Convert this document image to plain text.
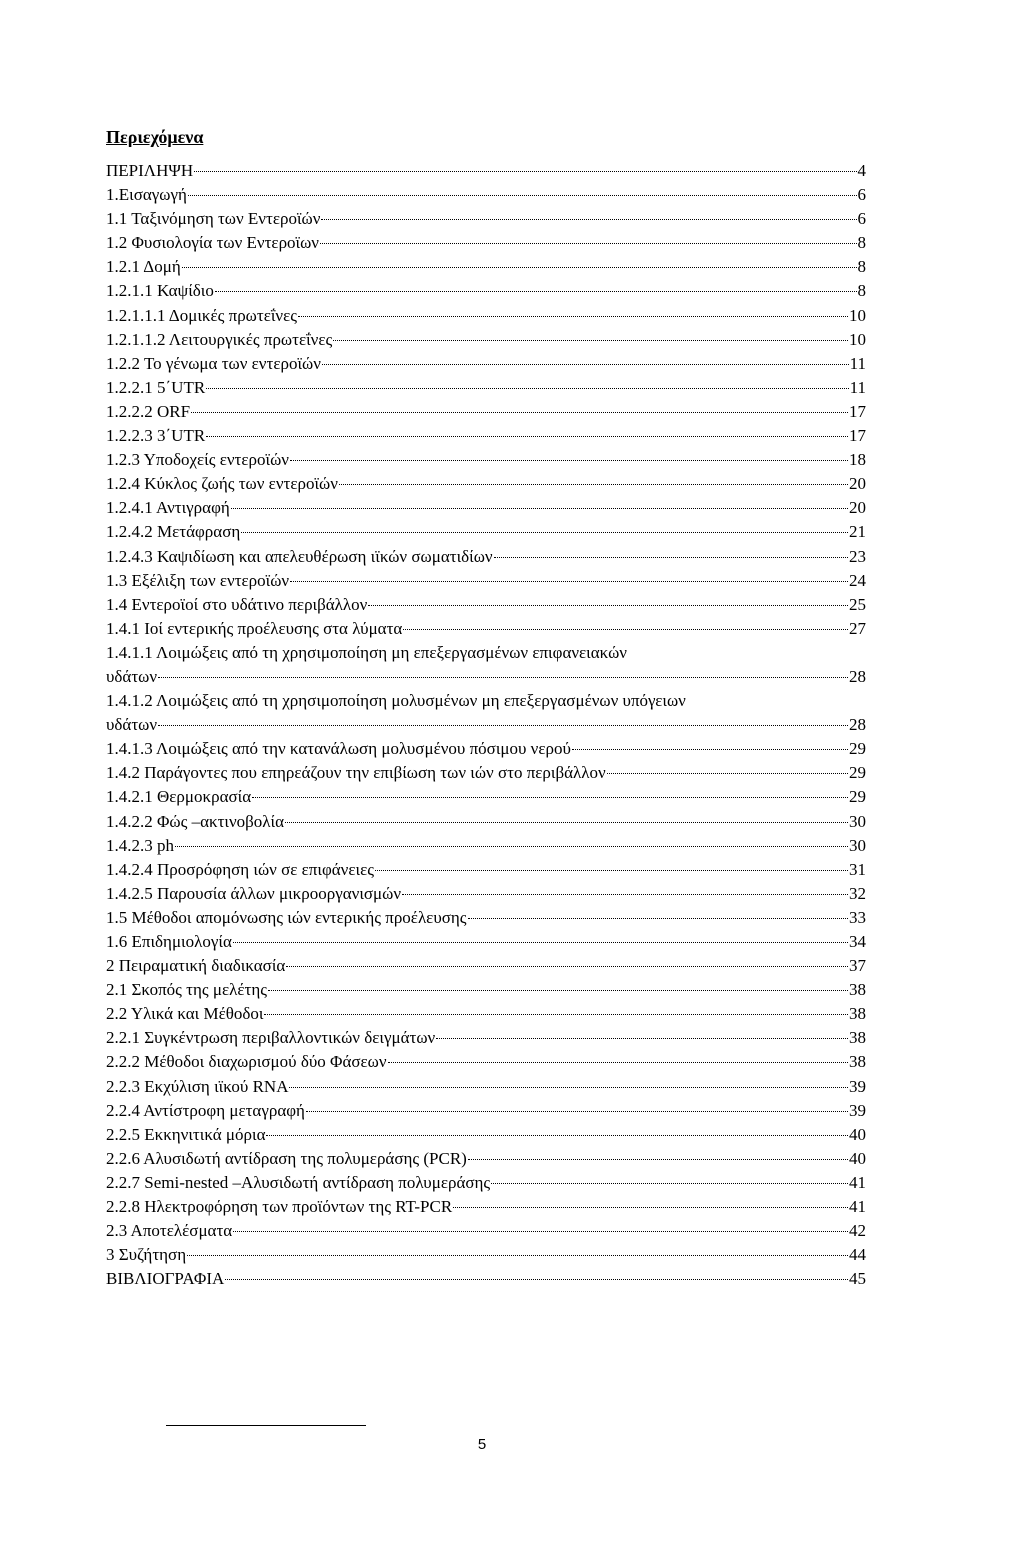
Περιεχόμενα
ΠΕΡΙΛΗΨΗ	4
1.Εισαγωγή	6
1.1 Ταξινόμηση των Εντεροϊών	6
1.2 Φυσιολογία των Εντεροϊων	8
1.2.1 Δομή	8
1.2.1.1 Καψίδιο	8
1.2.1.1.1 Δομικές πρωτεΐνες	10
1.2.1.1.2 Λειτουργικές πρωτεΐνες	10
1.2.2 Το γένωμα των εντεροϊών	11
1.2.2.1 5΄UTR	11
1.2.2.2 ORF	17
1.2.2.3 3΄UTR	17
1.2.3 Υποδοχείς εντεροϊών	18
1.2.4 Κύκλος ζωής των εντεροϊών	20
1.2.4.1 Αντιγραφή	20
1.2.4.2 Μετάφραση	21
1.2.4.3 Καψιδίωση και απελευθέρωση ιϊκών σωματιδίων	23
1.3 Εξέλιξη των εντεροϊών	24
1.4 Εντεροϊοί στο υδάτινο περιβάλλον	25
1.4.1 Ιοί εντερικής προέλευσης στα λύματα	27
1.4.1.1 Λοιμώξεις από τη χρησιμοποίηση μη επεξεργασμένων επιφανειακών
υδάτων	28
1.4.1.2 Λοιμώξεις από τη χρησιμοποίηση μολυσμένων μη επεξεργασμένων υπόγειων
υδάτων	28
1.4.1.3 Λοιμώξεις από την κατανάλωση μολυσμένου πόσιμου νερού	29
1.4.2 Παράγοντες που επηρεάζουν την επιβίωση των ιών στο περιβάλλον	29
1.4.2.1 Θερμοκρασία	29
1.4.2.2 Φώς –ακτινοβολία	30
1.4.2.3 ph	30
1.4.2.4 Προσρόφηση ιών σε επιφάνειες	31
1.4.2.5 Παρουσία άλλων μικροοργανισμών	32
1.5 Μέθοδοι απομόνωσης ιών εντερικής προέλευσης	33
1.6 Επιδημιολογία	34
2 Πειραματική διαδικασία	37
2.1 Σκοπός της μελέτης	38
2.2 Υλικά και Μέθοδοι	38
2.2.1 Συγκέντρωση περιβαλλοντικών δειγμάτων	38
2.2.2 Μέθοδοι διαχωρισμού δύο Φάσεων	38
2.2.3 Εκχύλιση ιϊκού RNA	39
2.2.4 Αντίστροφη μεταγραφή	39
2.2.5 Εκκηνιτικά μόρια	40
2.2.6 Αλυσιδωτή αντίδραση της πολυμεράσης (PCR)	40
2.2.7 Semi-nested –Αλυσιδωτή αντίδραση πολυμεράσης	41
2.2.8 Ηλεκτροφόρηση των προϊόντων της RT-PCR	41
2.3 Αποτελέσματα	42
3 Συζήτηση	44
ΒΙΒΛΙΟΓΡΑΦΙΑ	45
5
